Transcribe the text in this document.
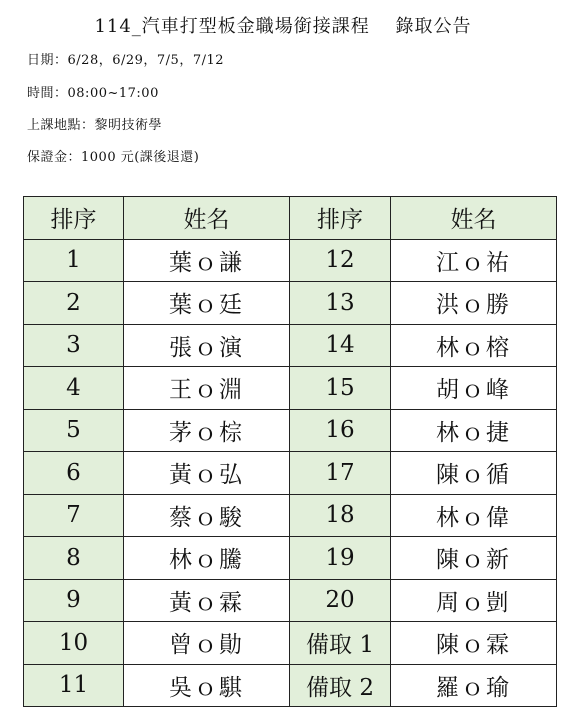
114_汽車打型板金職場銜接課程　 錄取公告
日期：6/28，6/29，7/5，7/12
時間：08:00~17:00
上課地點：黎明技術學
保證金：1000 元(課後退還)
排序	姓名	排序	姓名
1	葉ｏ謙	12	江ｏ祐
2	葉ｏ廷	13	洪ｏ勝
3	張ｏ演	14	林ｏ榕
4	王ｏ淵	15	胡ｏ峰
5	茅ｏ棕	16	林ｏ捷
6	黃ｏ弘	17	陳ｏ循
7	蔡ｏ駿	18	林ｏ偉
8	林ｏ騰	19	陳ｏ新
9	黃ｏ霖	20	周ｏ剴
10	曾ｏ勛	備取 1	陳ｏ霖
11	吳ｏ騏	備取 2	羅ｏ瑜
